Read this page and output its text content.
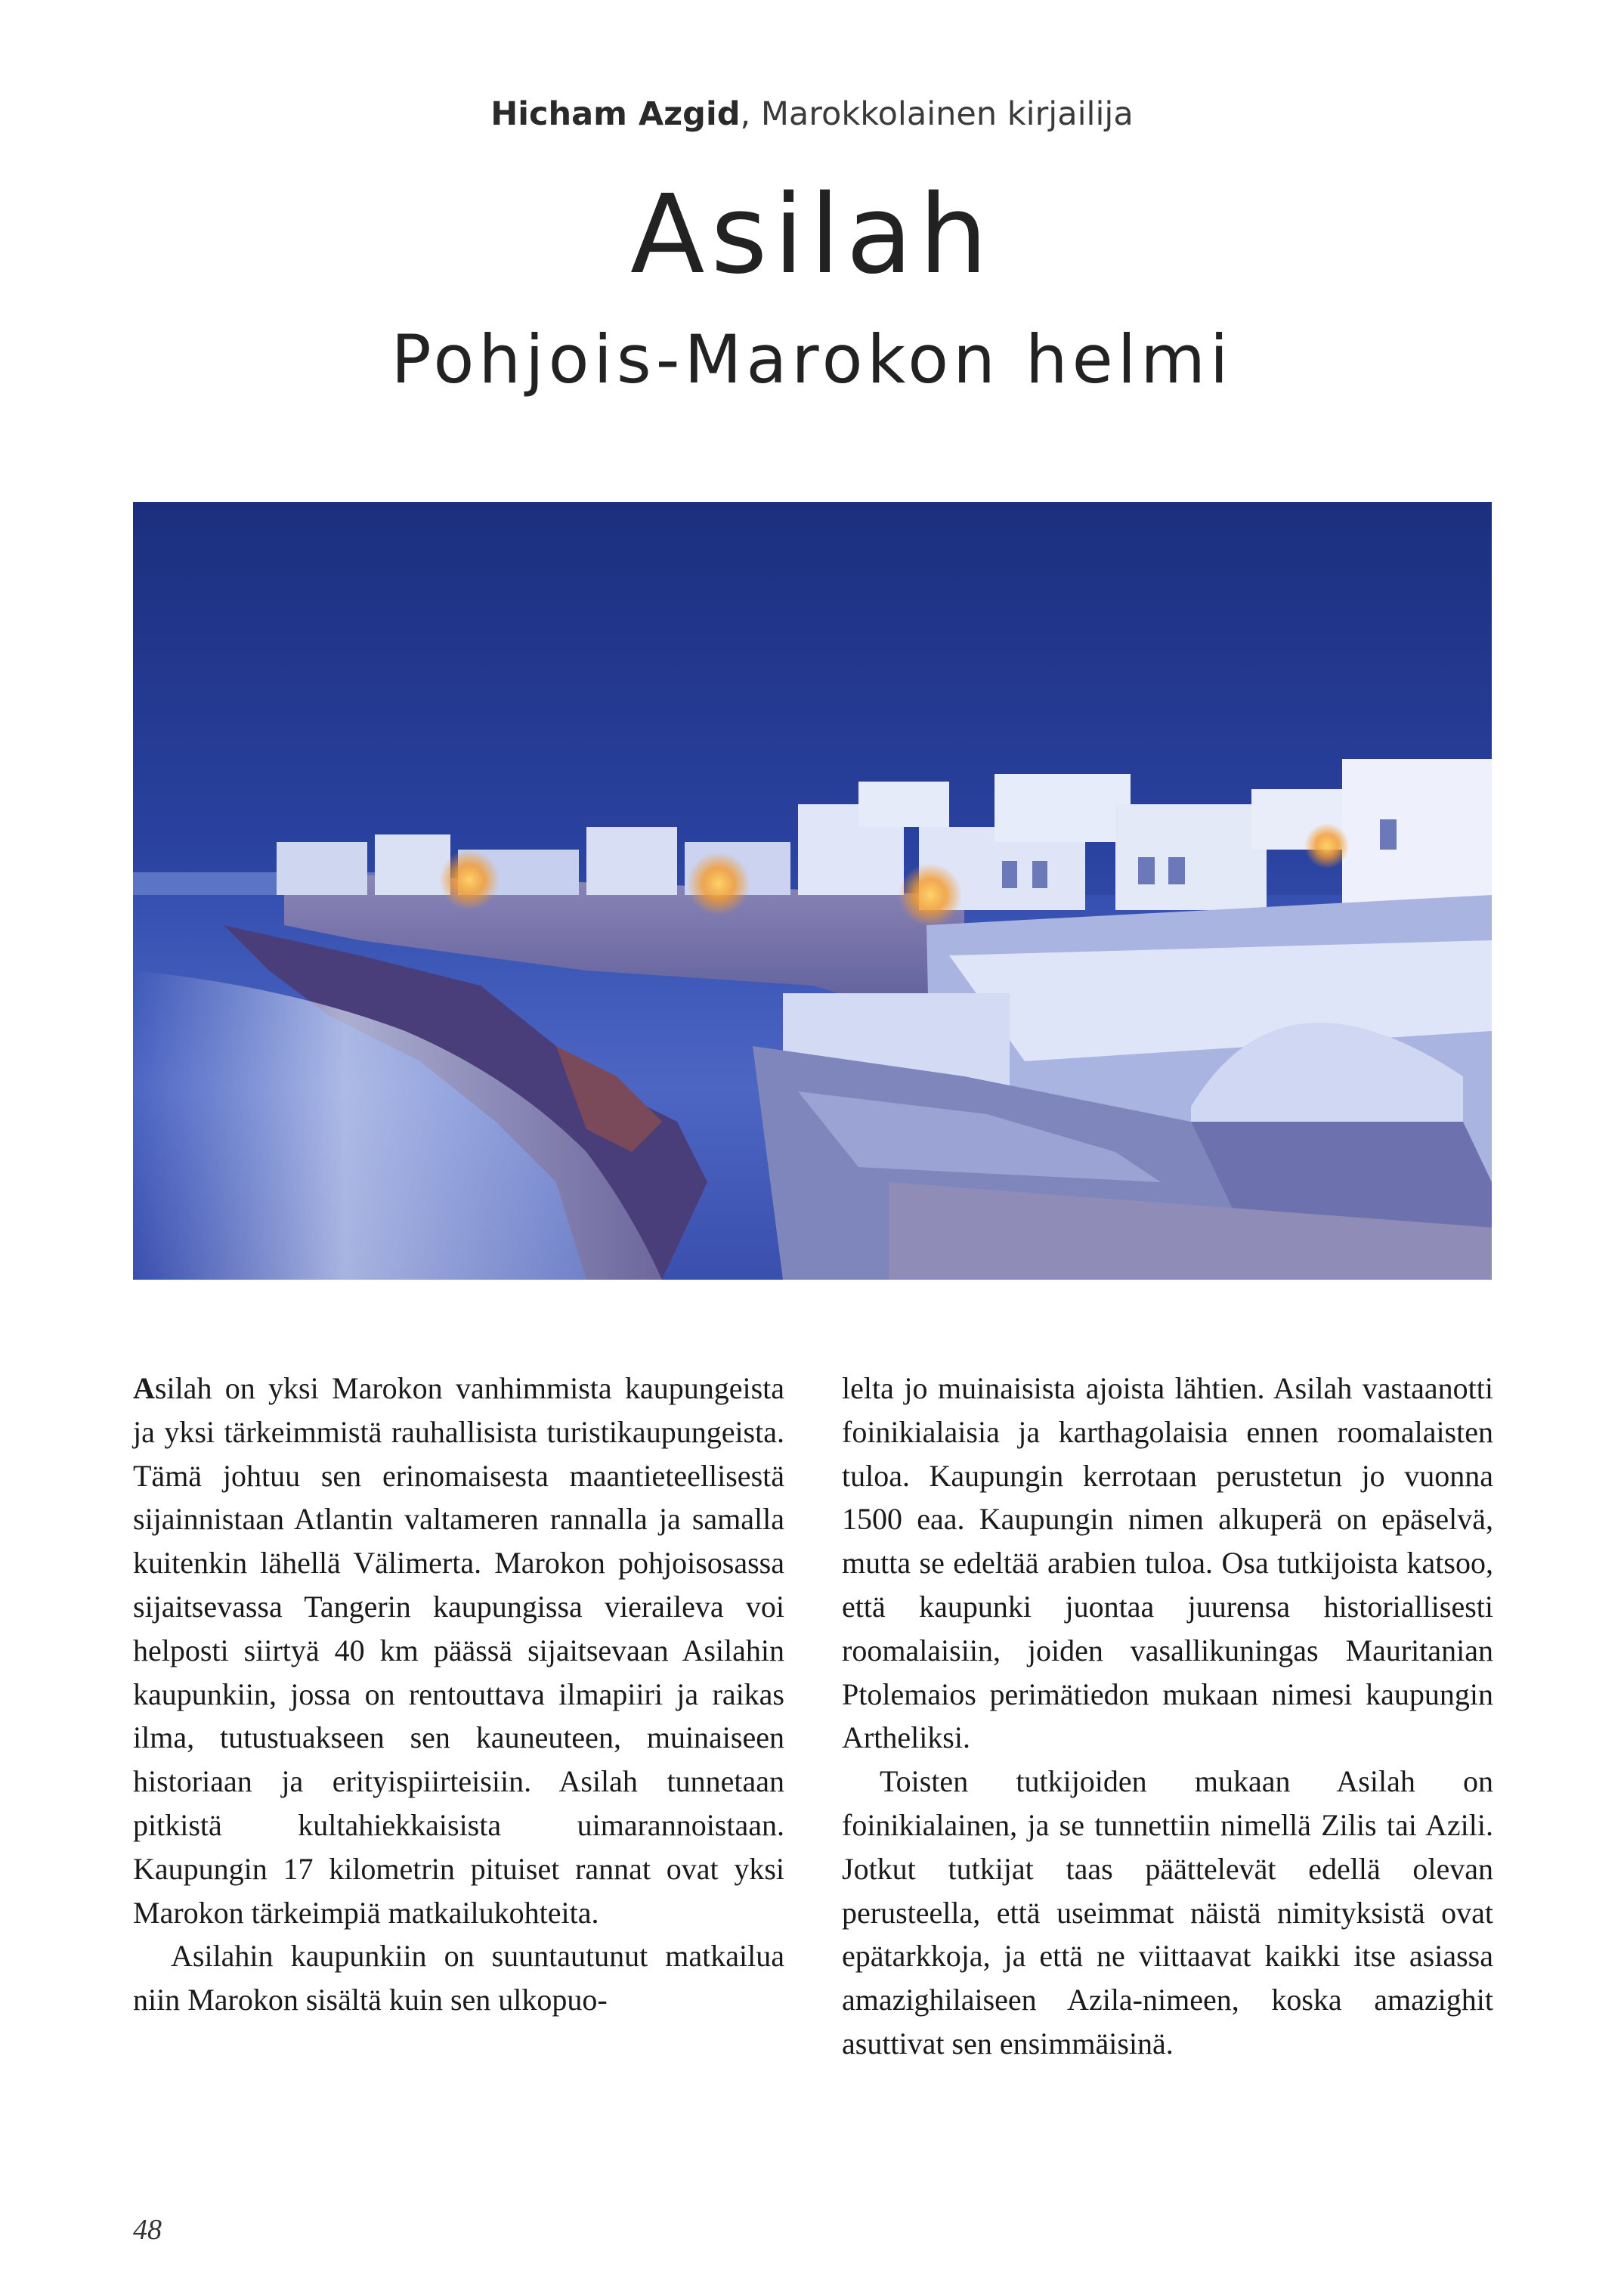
Hicham Azgid, Marokkolainen kirjailija
Asilah
Pohjois-Marokon helmi

Asilah on yksi Marokon vanhimmista kaupungeista ja yksi tärkeimmistä rauhallisista turistikaupungeista. Tämä johtuu sen erinomaisesta maantieteellisestä sijainnistaan Atlantin valtameren rannalla ja samalla kuitenkin lähellä Välimerta. Marokon pohjoisosassa sijaitsevassa Tangerin kaupungissa vieraileva voi helposti siirtyä 40 km päässä sijaitsevaan Asilahin kaupunkiin, jossa on rentouttava ilmapiiri ja raikas ilma, tutustuakseen sen kauneuteen, muinaiseen historiaan ja erityispiirteisiin. Asilah tunnetaan pitkistä kultahiekkaisista uimarannoistaan. Kaupungin 17 kilometrin pituiset rannat ovat yksi Marokon tärkeimpiä matkailukohteita.

Asilahin kaupunkiin on suuntautunut matkailua niin Marokon sisältä kuin sen ulkopuo-

lelta jo muinaisista ajoista lähtien. Asilah vastaanotti foinikialaisia ja karthagolaisia ennen roomalaisten tuloa. Kaupungin kerrotaan perustetun jo vuonna 1500 eaa. Kaupungin nimen alkuperä on epäselvä, mutta se edeltää arabien tuloa. Osa tutkijoista katsoo, että kaupunki juontaa juurensa historiallisesti roomalaisiin, joiden vasallikuningas Mauritanian Ptolemaios perimätiedon mukaan nimesi kaupungin Artheliksi.

Toisten tutkijoiden mukaan Asilah on foinikialainen, ja se tunnettiin nimellä Zilis tai Azili. Jotkut tutkijat taas päättelevät edellä olevan perusteella, että useimmat näistä nimityksistä ovat epätarkkoja, ja että ne viittaavat kaikki itse asiassa amazighilaiseen Azila-nimeen, koska amazighit asuttivat sen ensimmäisinä.

48
